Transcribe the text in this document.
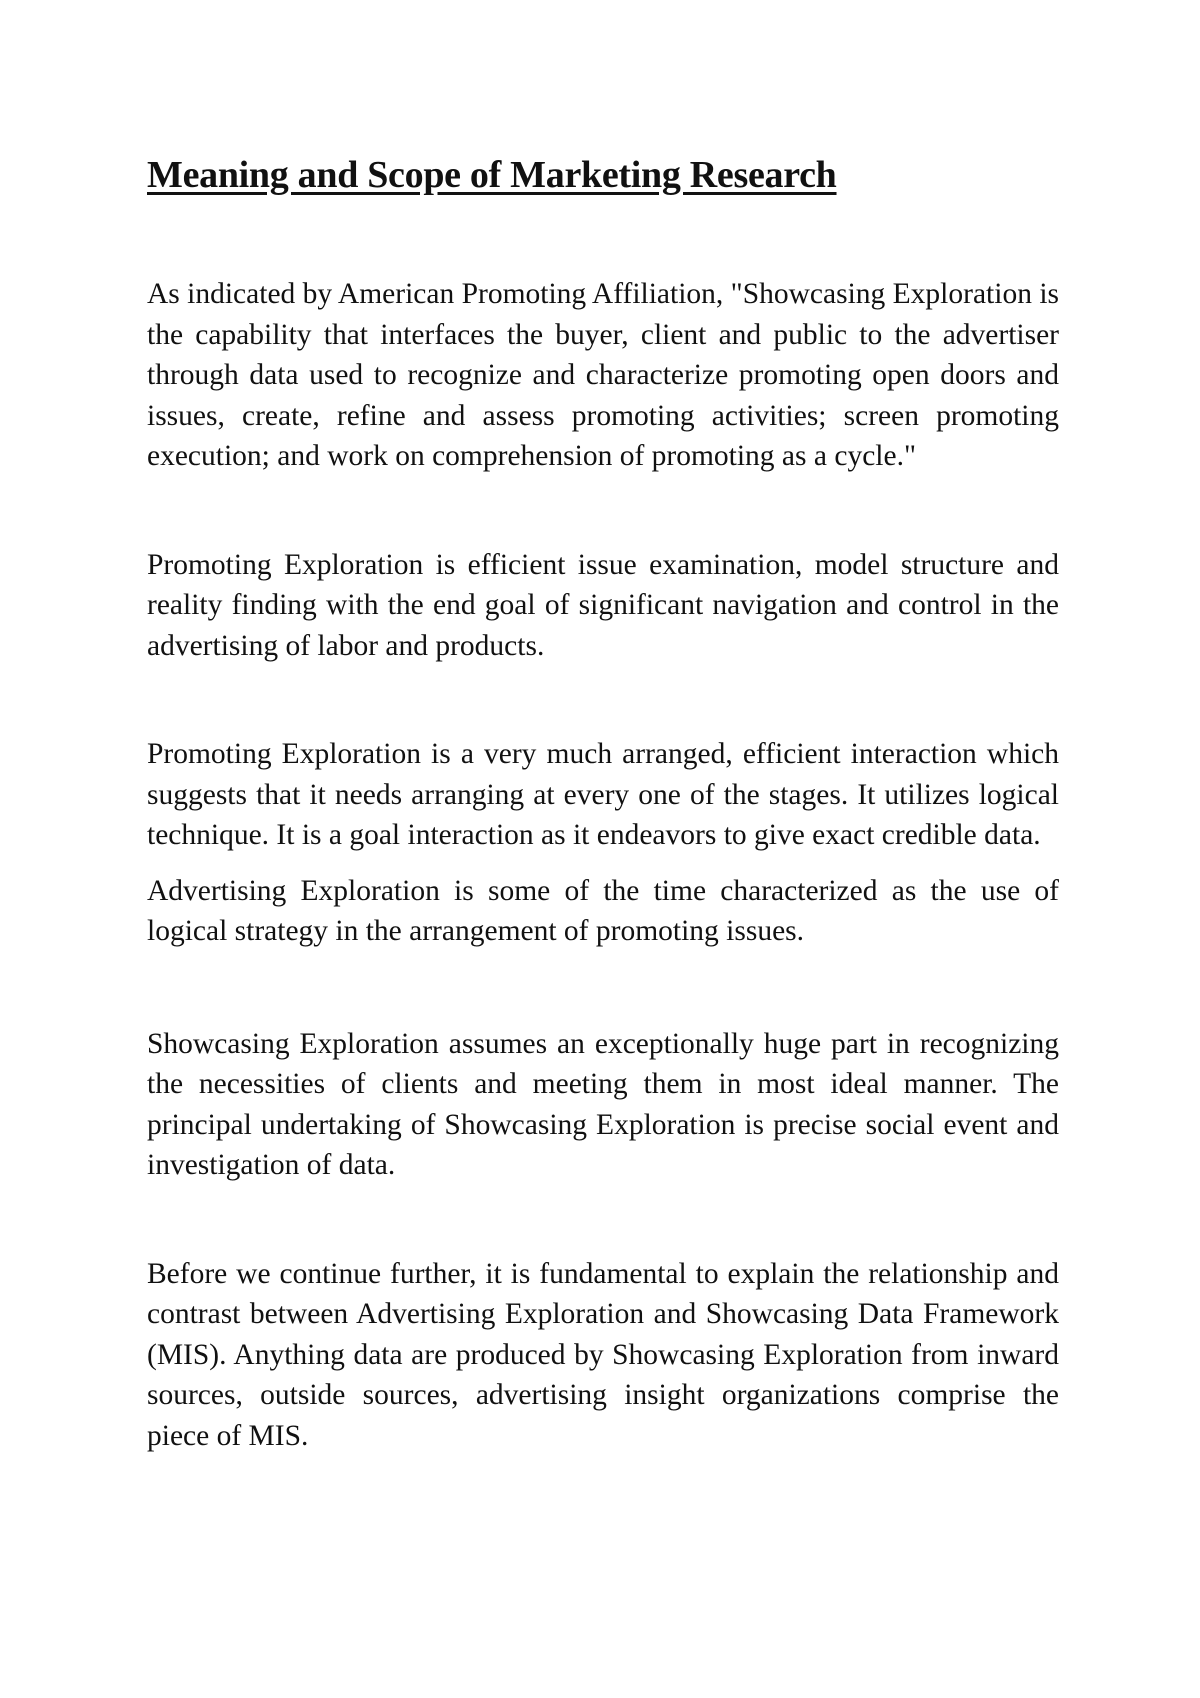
Meaning and Scope of Marketing Research

As indicated by American Promoting Affiliation, "Showcasing Exploration is the capability that interfaces the buyer, client and public to the advertiser through data used to recognize and characterize promoting open doors and issues, create, refine and assess promoting activities; screen promoting execution; and work on comprehension of promoting as a cycle."

Promoting Exploration is efficient issue examination, model structure and reality finding with the end goal of significant navigation and control in the advertising of labor and products.

Promoting Exploration is a very much arranged, efficient interaction which suggests that it needs arranging at every one of the stages. It utilizes logical technique. It is a goal interaction as it endeavors to give exact credible data.

Advertising Exploration is some of the time characterized as the use of logical strategy in the arrangement of promoting issues.

Showcasing Exploration assumes an exceptionally huge part in recognizing the necessities of clients and meeting them in most ideal manner. The principal undertaking of Showcasing Exploration is precise social event and investigation of data.

Before we continue further, it is fundamental to explain the relationship and contrast between Advertising Exploration and Showcasing Data Framework (MIS). Anything data are produced by Showcasing Exploration from inward sources, outside sources, advertising insight organizations comprise the piece of MIS.
